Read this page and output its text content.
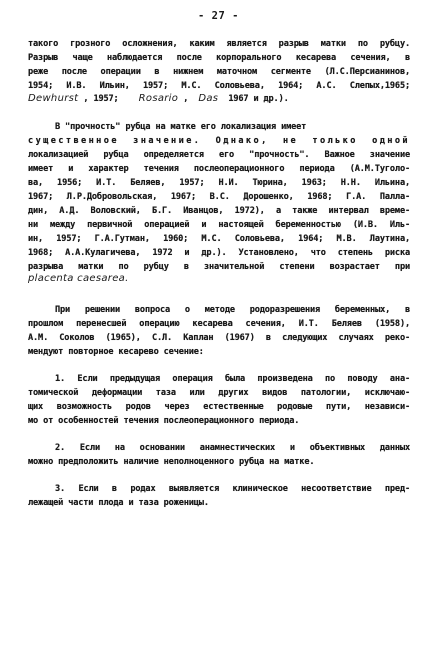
- 27 -
такого грозного осложнения, каким является разрыв матки по рубцу.
Разрыв чаще наблюдается после корпорального кесарева сечения, в
реже после операции в нижнем маточном сегменте (Л.С.Персианинов,
1954; И.В. Ильин, 1957; М.С. Соловьева, 1964; А.С. Слепых,1965;
Dewhurst , 1957; Rosario , Das 1967 и др.).
В "прочность" рубца на матке его локализация имеет
существенное значение. Однако, не только одной
локализацией рубца определяется его "прочность". Важное значение
имеет и характер течения послеоперационного периода (А.М.Туголо-
ва, 1956; И.Т. Беляев, 1957; Н.И. Тюрина, 1963; Н.Н. Ильина,
1967; Л.Р.Добровольская, 1967; В.С. Дорошенко, 1968; Г.А. Палла-
дин, А.Д. Воловский, Б.Г. Иванцов, 1972), а также интервал време-
ни между первичной операцией и настоящей беременностью (И.В. Иль-
ин, 1957; Г.А.Гутман, 1960; М.С. Соловьева, 1964; М.В. Лаутина,
1968; А.А.Кулагичева, 1972 и др.). Установлено, что степень риска
разрыва матки по рубцу в значительной степени возрастает при
placenta caesarea.
При решении вопроса о методе родоразрешения беременных, в
прошлом перенесшей операцию кесарева сечения, И.Т. Беляев (1958),
А.М. Соколов (1965), С.Л. Каплан (1967) в следующих случаях реко-
мендуют повторное кесарево сечение:
1. Если предыдущая операция была произведена по поводу ана-
томической деформации таза или других видов патологии, исключаю-
щих возможность родов через естественные родовые пути, независи-
мо от особенностей течения послеоперационного периода.
2. Если на основании анамнестических и объективных данных
можно предположить наличие неполноценного рубца на матке.
3. Если в родах выявляется клиническое несоответствие пред-
лежащей части плода и таза роженицы.
